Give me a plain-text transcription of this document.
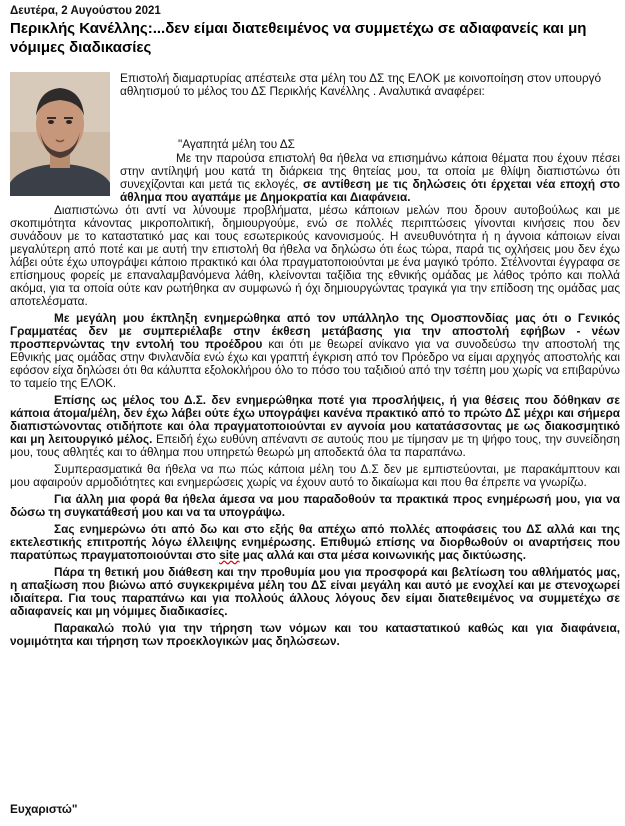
Δευτέρα, 2 Αυγούστου 2021
Περικλής Κανέλλης:...δεν είμαι διατεθειμένος να συμμετέχω σε αδιαφανείς και μη νόμιμες διαδικασίες
Επιστολή διαμαρτυρίας απέστειλε στα μέλη του ΔΣ της ΕΛΟΚ με κοινοποίηση στον υπουργό αθλητισμού το μέλος του ΔΣ Περικλής Κανέλλης . Αναλυτικά αναφέρει:
"Αγαπητά μέλη του ΔΣ
Με την παρούσα επιστολή θα ήθελα να επισημάνω κάποια θέματα που έχουν πέσει στην αντίληψή μου κατά τη διάρκεια της θητείας μου, τα οποία με θλίψη διαπιστώνω ότι συνεχίζονται και μετά τις εκλογές, σε αντίθεση με τις δηλώσεις ότι έρχεται νέα εποχή στο άθλημα που αγαπάμε με Δημοκρατία και Διαφάνεια.

Διαπιστώνω ότι αντί να λύνουμε προβλήματα, μέσω κάποιων μελών που δρουν αυτοβούλως και με σκοπιμότητα κάνοντας μικροπολιτική, δημιουργούμε, ενώ σε πολλές περιπτώσεις γίνονται κινήσεις που δεν συνάδουν με το καταστατικό μας και τους εσωτερικούς κανονισμούς. Η ανευθυνότητα ή η άγνοια κάποιων είναι μεγαλύτερη από ποτέ και με αυτή την επιστολή θα ήθελα να δηλώσω ότι έως τώρα, παρά τις οχλήσεις μου δεν έχω λάβει ούτε έχω υπογράψει κάποιο πρακτικό και όλα πραγματοποιούνται με ένα μαγικό τρόπο. Στέλνονται έγγραφα σε επίσημους φορείς με επαναλαμβανόμενα λάθη, κλείνονται ταξίδια της εθνικής ομάδας με λάθος τρόπο και πολλά ακόμα, για τα οποία ούτε καν ρωτήθηκα αν συμφωνώ ή όχι δημιουργώντας τραγικά για την επίδοση της ομάδας μας αποτελέσματα.

Με μεγάλη μου έκπληξη ενημερώθηκα από τον υπάλληλο της Ομοσπονδίας μας ότι ο Γενικός Γραμματέας δεν με συμπεριέλαβε στην έκθεση μετάβασης για την αποστολή εφήβων - νέων προσπερνώντας την εντολή του προέδρου και ότι με θεωρεί ανίκανο για να συνοδεύσω την αποστολή της Εθνικής μας ομάδας στην Φινλανδία ενώ έχω και γραπτή έγκριση από τον Πρόεδρο να είμαι αρχηγός αποστολής και εφόσον είχα δηλώσει ότι θα κάλυπτα εξολοκλήρου όλο το πόσο του ταξιδιού από την τσέπη μου χωρίς να επιβαρύνω το ταμείο της ΕΛΟΚ.

Επίσης ως μέλος του Δ.Σ. δεν ενημερώθηκα ποτέ για προσλήψεις, ή για θέσεις που δόθηκαν σε κάποια άτομα/μέλη, δεν έχω λάβει ούτε έχω υπογράψει κανένα πρακτικό από το πρώτο ΔΣ μέχρι και σήμερα διαπιστώνοντας οτιδήποτε και όλα πραγματοποιούνται εν αγνοία μου κατατάσσοντας με ως διακοσμητικό και μη λειτουργικό μέλος. Επειδή έχω ευθύνη απέναντι σε αυτούς που με τίμησαν με τη ψήφο τους, την συνείδηση μου, τους αθλητές και το άθλημα που υπηρετώ θεωρώ μη αποδεκτά όλα τα παραπάνω.

Συμπερασματικά θα ήθελα να πω πώς κάποια μέλη του Δ.Σ δεν με εμπιστεύονται, με παρακάμπτουν και μου αφαιρούν αρμοδιότητες και ενημερώσεις χωρίς να έχουν αυτό το δικαίωμα και που θα έπρεπε να γνωρίζω.

Για άλλη μια φορά θα ήθελα άμεσα να μου παραδοθούν τα πρακτικά προς ενημέρωσή μου, για να δώσω τη συγκατάθεσή μου και να τα υπογράψω.

Σας ενημερώνω ότι από δω και στο εξής θα απέχω από πολλές αποφάσεις του ΔΣ αλλά και της εκτελεστικής επιτροπής λόγω έλλειψης ενημέρωσης. Επιθυμώ επίσης να διορθωθούν οι αναρτήσεις που παρατύπως πραγματοποιούνται στο site μας αλλά και στα μέσα κοινωνικής μας δικτύωσης.

Πάρα τη θετική μου διάθεση και την προθυμία μου για προσφορά και βελτίωση του αθλήματός μας, η απαξίωση που βιώνω από συγκεκριμένα μέλη του ΔΣ είναι μεγάλη και αυτό με ενοχλεί και με στενοχωρεί ιδιαίτερα. Για τους παραπάνω και για πολλούς άλλους λόγους δεν είμαι διατεθειμένος να συμμετέχω σε αδιαφανείς και μη νόμιμες διαδικασίες.

Παρακαλώ πολύ για την τήρηση των νόμων και του καταστατικού καθώς και για διαφάνεια, νομιμότητα και τήρηση των προεκλογικών μας δηλώσεων.

Ευχαριστώ"
